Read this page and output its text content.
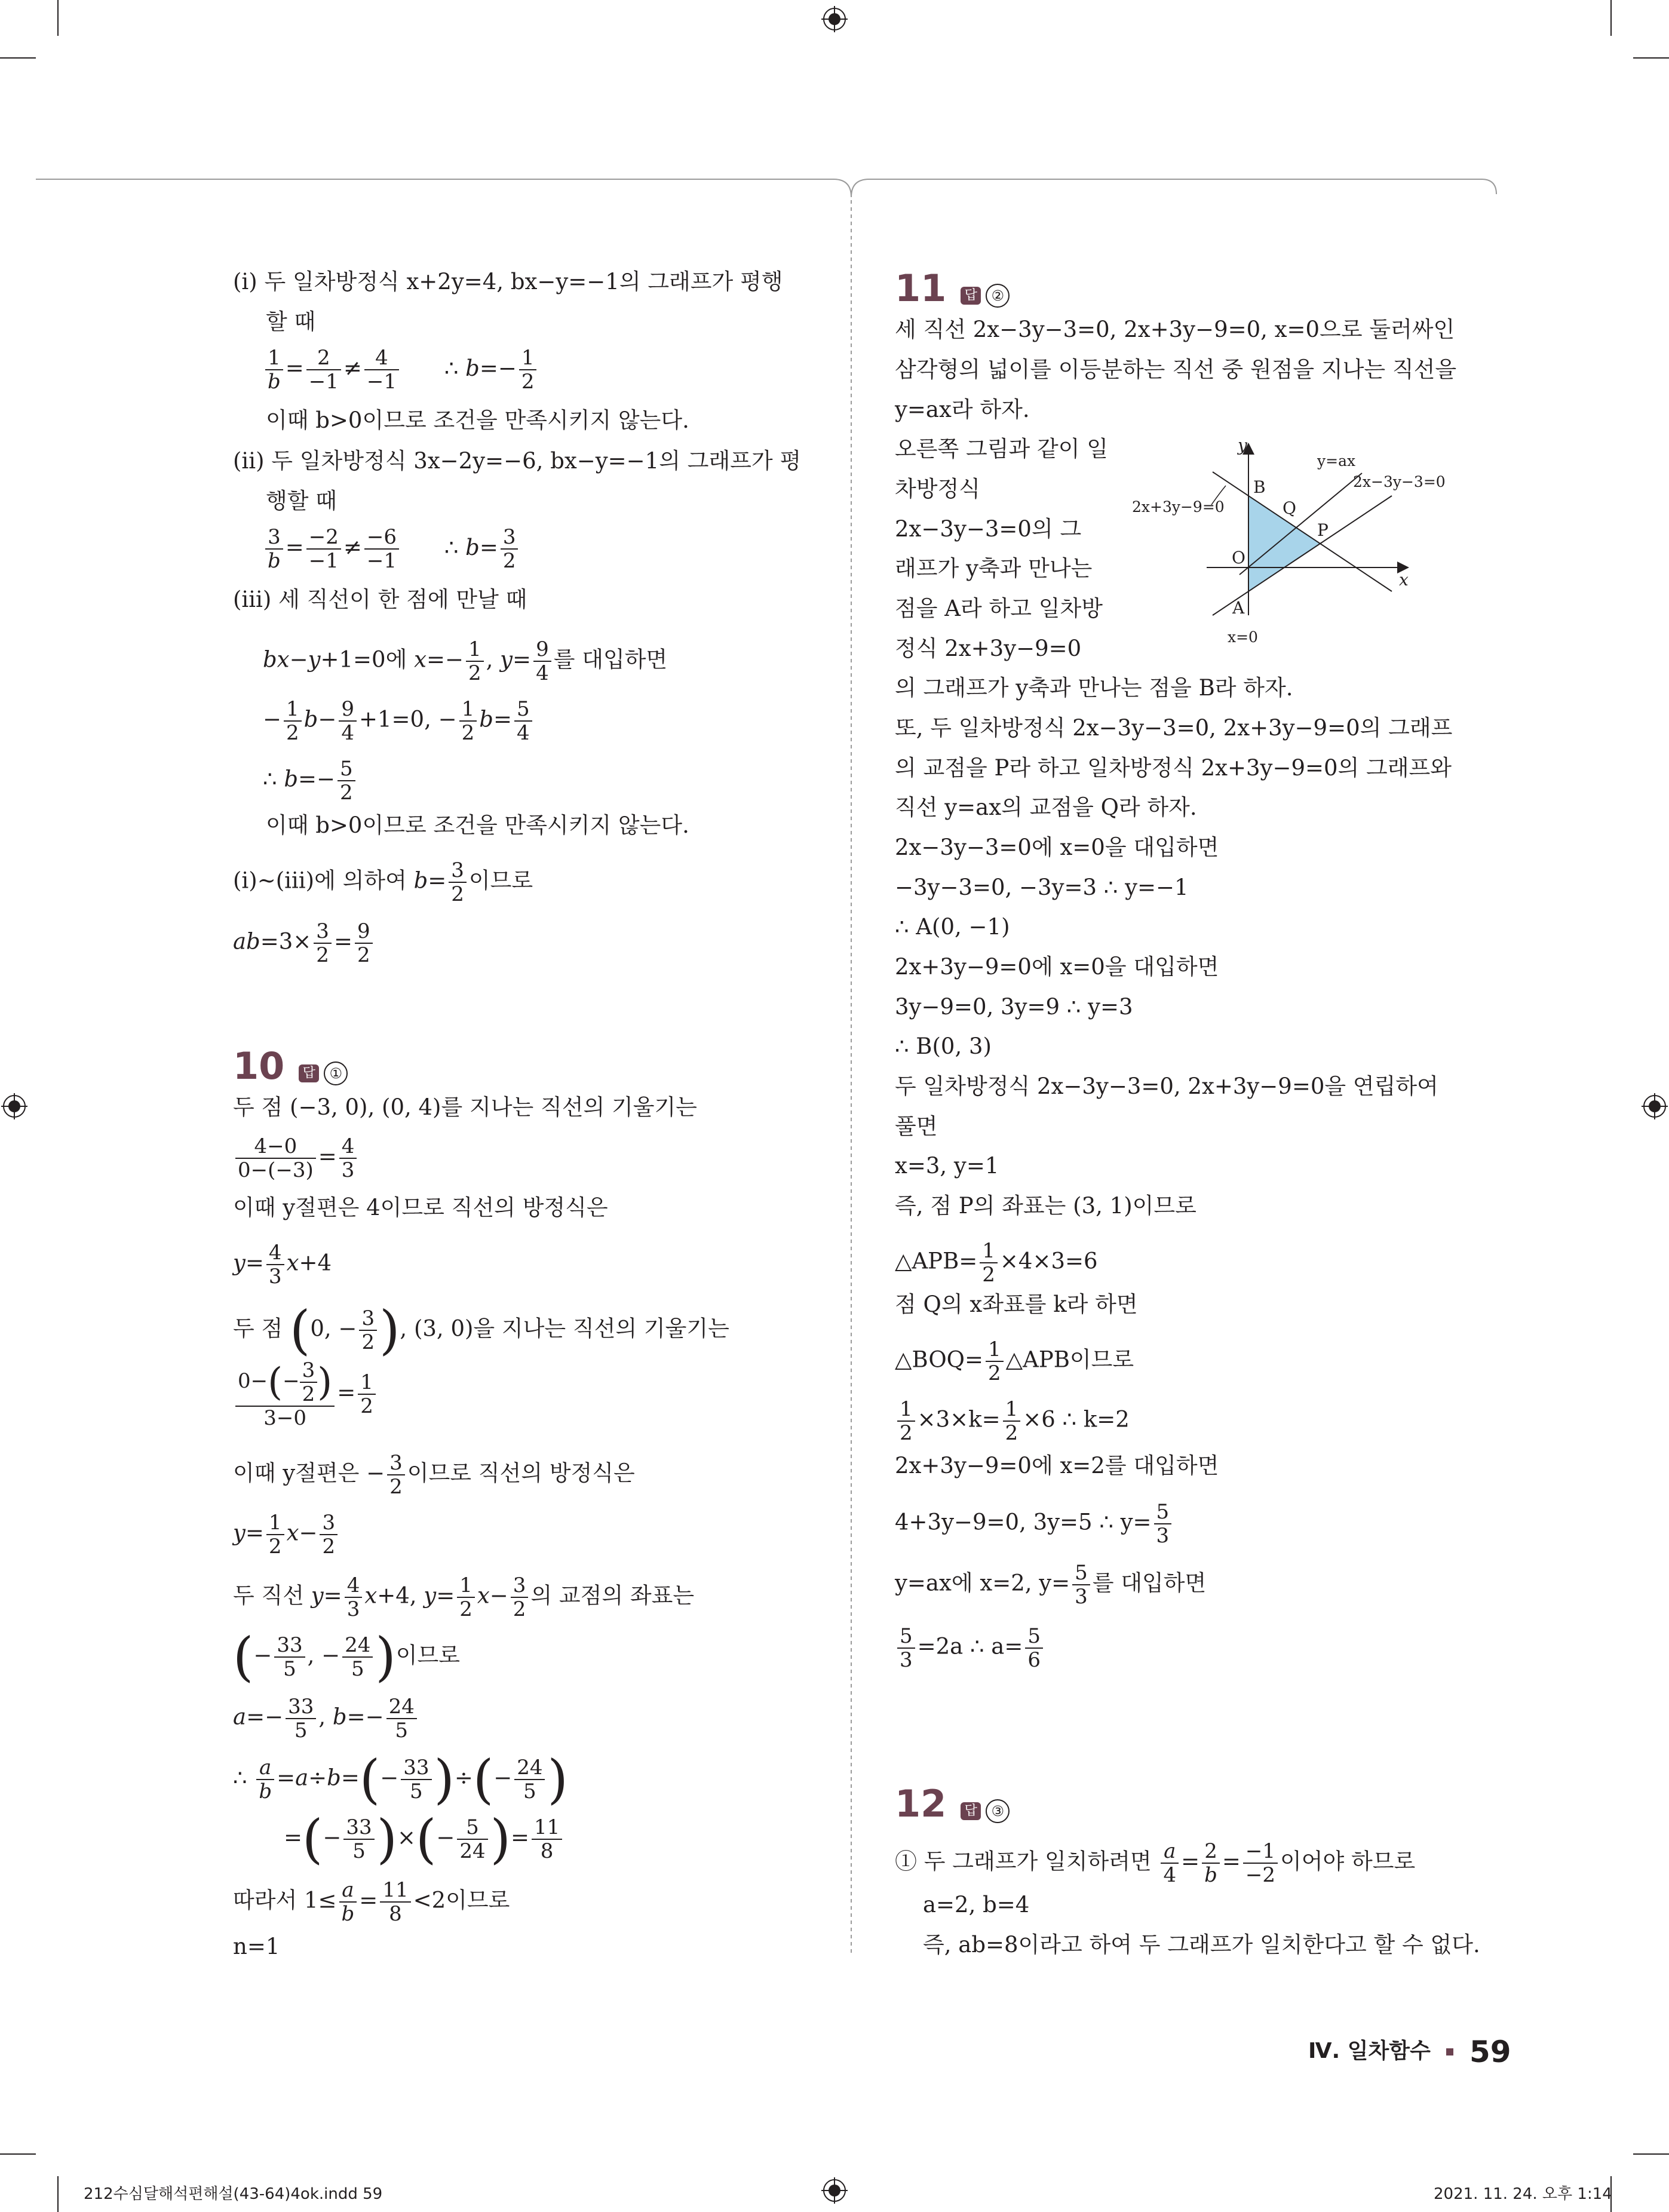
(ⅰ) 두 일차방정식 x+2y=4, bx−y=−1의 그래프가 평행
할 때
$\frac{1}{b} = \frac{2}{-1} \ne \frac{4}{-1}$ ∴ $b=- \frac{1}{2}$
이때 b>0이므로 조건을 만족시키지 않는다.
(ⅱ) 두 일차방정식 3x−2y=−6, bx−y=−1의 그래프가 평
행할 때
$\frac{3}{b} = \frac{-2}{-1} \ne \frac{-6}{-1}$ ∴ $b= \frac{3}{2}$
(ⅲ) 세 직선이 한 점에 만날 때
bx−y+1=0에 $x=- \frac{1}{2}$ , $y= \frac{9}{4}$ 를 대입하면
− $\frac{1}{2} b- \frac{9}{4} +1=0$, − $\frac{1}{2} b= \frac{5}{4}$
∴ $b=- \frac{5}{2}$
이때 b>0이므로 조건을 만족시키지 않는다.
(ⅰ)~(ⅲ)에 의하여 $b= \frac{3}{2}$ 이므로
$ab=3\times \frac{3}{2} = \frac{9}{2}$
10 답 ①
두 점 (−3, 0), (0, 4)를 지나는 직선의 기울기는
$\frac{4-0}{0-(-3)} = \frac{4}{3}$
이때 y절편은 4이므로 직선의 방정식은
$y= \frac{4}{3} x+4$
두 점 (0, − $\frac{3}{2}$ ), (3, 0)을 지나는 직선의 기울기는
$\frac{0-(- \frac{3}{2} )}{3-0} = \frac{1}{2}$
이때 y절편은 − $\frac{3}{2}$ 이므로 직선의 방정식은
$y= \frac{1}{2} x- \frac{3}{2}$
두 직선 $y= \frac{4}{3} x+4$, $y= \frac{1}{2} x- \frac{3}{2}$ 의 교점의 좌표는
(− $\frac{33}{5}$ , − $\frac{24}{5}$ )이므로
$a=- \frac{33}{5}$ , $b=- \frac{24}{5}$
∴ $\frac{a}{b} =a\div b=(- \frac{33}{5}$ )÷(− $\frac{24}{5}$ )
=(− $\frac{33}{5}$ )×(− $\frac{5}{24}$ )= $\frac{11}{8}$
따라서 $1\le \frac{a}{b} = \frac{11}{8} <2$이므로
n=1
11 답 ②
세 직선 2x−3y−3=0, 2x+3y−9=0, x=0으로 둘러싸인
삼각형의 넓이를 이등분하는 직선 중 원점을 지나는 직선을
y=ax라 하자.
오른쪽 그림과 같이 일
차방정식
2x−3y−3=0의 그
래프가 y축과 만나는
점을 A라 하고 일차방
정식 2x+3y−9=0
의 그래프가 y축과 만나는 점을 B라 하자.
또, 두 일차방정식 2x−3y−3=0, 2x+3y−9=0의 그래프
의 교점을 P라 하고 일차방정식 2x+3y−9=0의 그래프와
직선 y=ax의 교점을 Q라 하자.
2x−3y−3=0에 x=0을 대입하면
−3y−3=0, −3y=3 ∴ y=−1
∴ A(0, −1)
2x+3y−9=0에 x=0을 대입하면
3y−9=0, 3y=9 ∴ y=3
∴ B(0, 3)
두 일차방정식 2x−3y−3=0, 2x+3y−9=0을 연립하여
풀면
x=3, y=1
즉, 점 P의 좌표는 (3, 1)이므로
△APB= $\frac{1}{2} \times 4\times 3=6$
점 Q의 x좌표를 k라 하면
△BOQ= $\frac{1}{2}$ △APB이므로
$\frac{1}{2} \times 3\times k= \frac{1}{2} \times 6$ ∴ k=2
2x+3y−9=0에 x=2를 대입하면
4+3y−9=0, 3y=5 ∴ $y= \frac{5}{3}$
y=ax에 x=2, $y= \frac{5}{3}$ 를 대입하면
$\frac{5}{3} =2a$ ∴ $a= \frac{5}{6}$
y
x
y=ax
2x−3y−3=0
2x+3y−9=0
x=0
B
Q
P
O
A
12 답 ③
① 두 그래프가 일치하려면 $\frac{a}{4} = \frac{2}{b} = \frac{-1}{-2}$ 이어야 하므로
a=2, b=4
즉, ab=8이라고 하여 두 그래프가 일치한다고 할 수 없다.
Ⅳ. 일차함수 59
212수심달해석편해설(43-64)4ok.indd 59	2021. 11. 24. 오후 1:14
